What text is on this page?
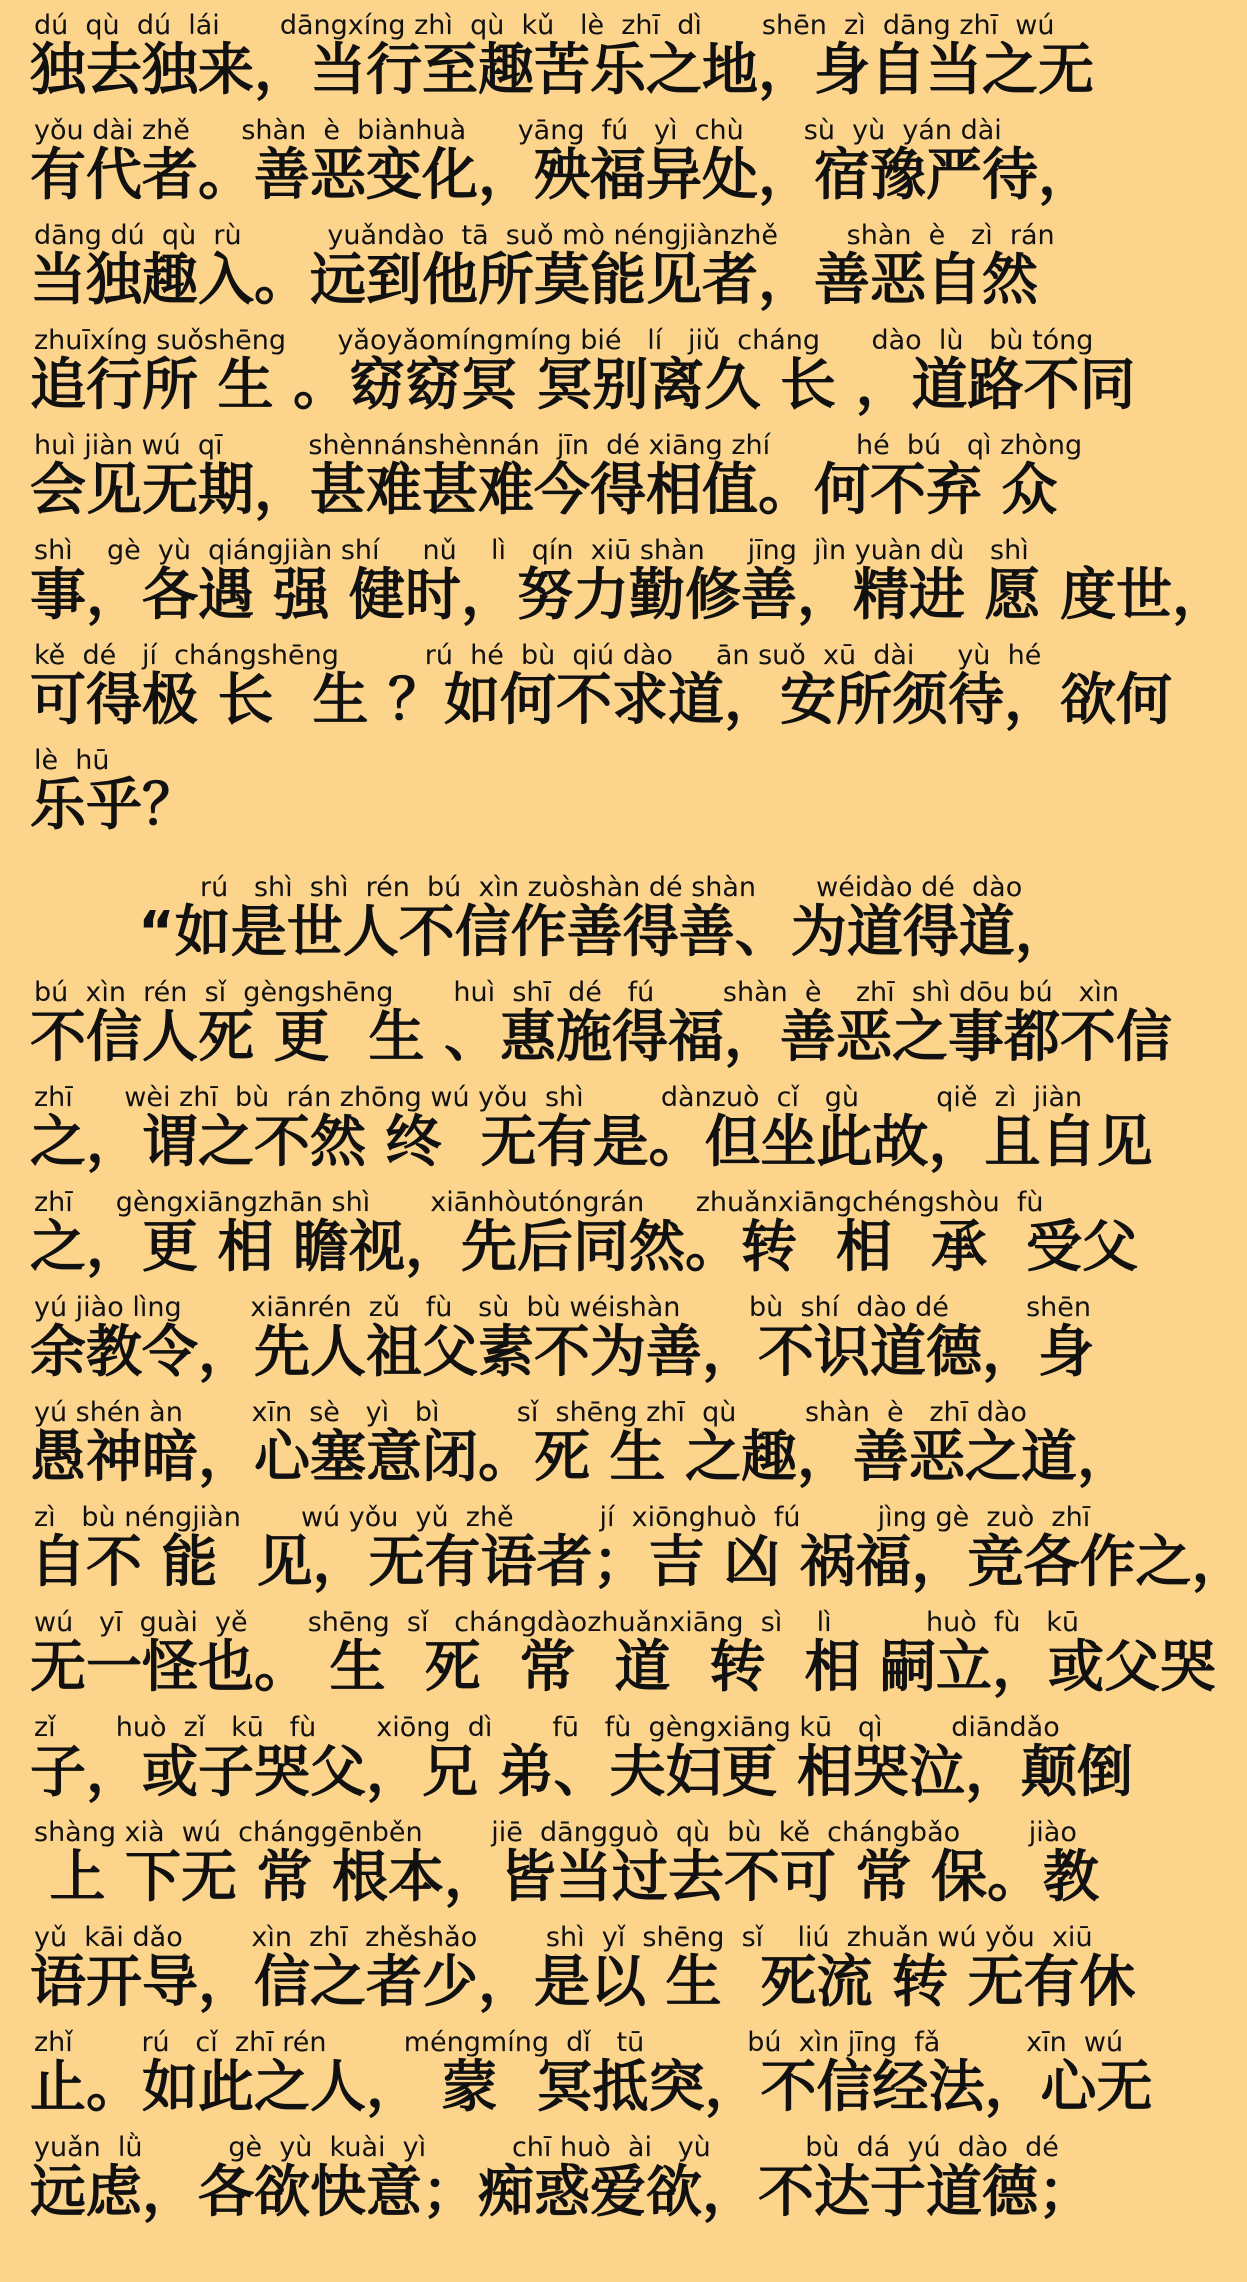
dú  qù  dú  lái       dāngxíng zhì  qù  kǔ   lè  zhī  dì       shēn  zì  dāng zhī  wú
独去独来，当行至趣苦乐之地，身自当之无
yǒu dài zhě      shàn  è  biànhuà      yāng  fú   yì  chù       sù  yù  yán dài
有代者。善恶变化，殃福异处，宿豫严待，
dāng dú  qù  rù          yuǎndào  tā  suǒ mò néngjiànzhě        shàn  è   zì  rán
当独趣入。远到他所莫能见者，善恶自然
zhuīxíng suǒshēng      yǎoyǎomíngmíng bié   lí   jiǔ  cháng      dào  lù   bù tóng
追行所 生 。窈窈冥 冥别离久 长 ，道路不同
huì jiàn wú  qī          shènnánshènnán  jīn  dé xiāng zhí          hé  bú   qì zhòng
会见无期，甚难甚难今得相值。何不弃 众
shì    gè  yù  qiángjiàn shí     nǔ    lì   qín  xiū shàn     jīng  jìn yuàn dù   shì
事，各遇 强 健时，努力勤修善，精进 愿 度世，
kě  dé   jí  chángshēng          rú  hé  bù  qiú dào     ān suǒ  xū  dài     yù  hé
可得极 长  生 ？如何不求道，安所须待，欲何
lè  hū
乐乎？
rú   shì  shì  rén  bú  xìn zuòshàn dé shàn       wéidào dé  dào
“如是世人不信作善得善、为道得道，
bú  xìn  rén  sǐ  gèngshēng       huì  shī  dé   fú        shàn  è    zhī  shì dōu bú   xìn
不信人死 更  生 、惠施得福，善恶之事都不信
zhī      wèi zhī  bù  rán zhōng wú yǒu  shì         dànzuò  cǐ   gù         qiě  zì  jiàn
之，谓之不然 终  无有是。但坐此故，且自见
zhī     gèngxiāngzhān shì       xiānhòutóngrán      zhuǎnxiāngchéngshòu  fù
之，更 相 瞻视，先后同然。转  相  承  受父
yú jiào lìng        xiānrén  zǔ   fù   sù  bù wéishàn        bù  shí  dào dé         shēn
余教令，先人祖父素不为善，不识道德，身
yú shén àn        xīn  sè   yì   bì         sǐ  shēng zhī  qù        shàn  è   zhī dào
愚神暗，心塞意闭。死 生 之趣，善恶之道，
zì   bù néngjiàn       wú yǒu  yǔ  zhě          jí  xiōnghuò  fú         jìng gè  zuò  zhī
自不 能  见，无有语者；吉 凶 祸福，竞各作之，
wú   yī  guài  yě       shēng  sǐ   chángdàozhuǎnxiāng  sì    lì           huò  fù   kū
无一怪也。 生  死  常  道  转  相 嗣立，或父哭
zǐ       huò  zǐ   kū   fù       xiōng  dì       fū   fù  gèngxiāng kū   qì        diāndǎo
子，或子哭父，兄 弟、夫妇更 相哭泣，颠倒
shàng xià  wú  chánggēnběn        jiē  dāngguò  qù  bù  kě  chángbǎo        jiào
上 下无 常 根本，皆当过去不可 常 保。教
yǔ  kāi dǎo        xìn  zhī  zhěshǎo        shì  yǐ  shēng  sǐ    liú  zhuǎn wú yǒu  xiū
语开导，信之者少，是以 生  死流 转 无有休
zhǐ        rú   cǐ  zhī rén         méngmíng  dǐ   tū            bú  xìn jīng  fǎ          xīn  wú
止。如此之人， 蒙  冥抵突，不信经法，心无
yuǎn  lǜ          gè  yù  kuài  yì          chī huò  ài   yù           bù  dá  yú  dào  dé
远虑，各欲快意；痴惑爱欲，不达于道德；
